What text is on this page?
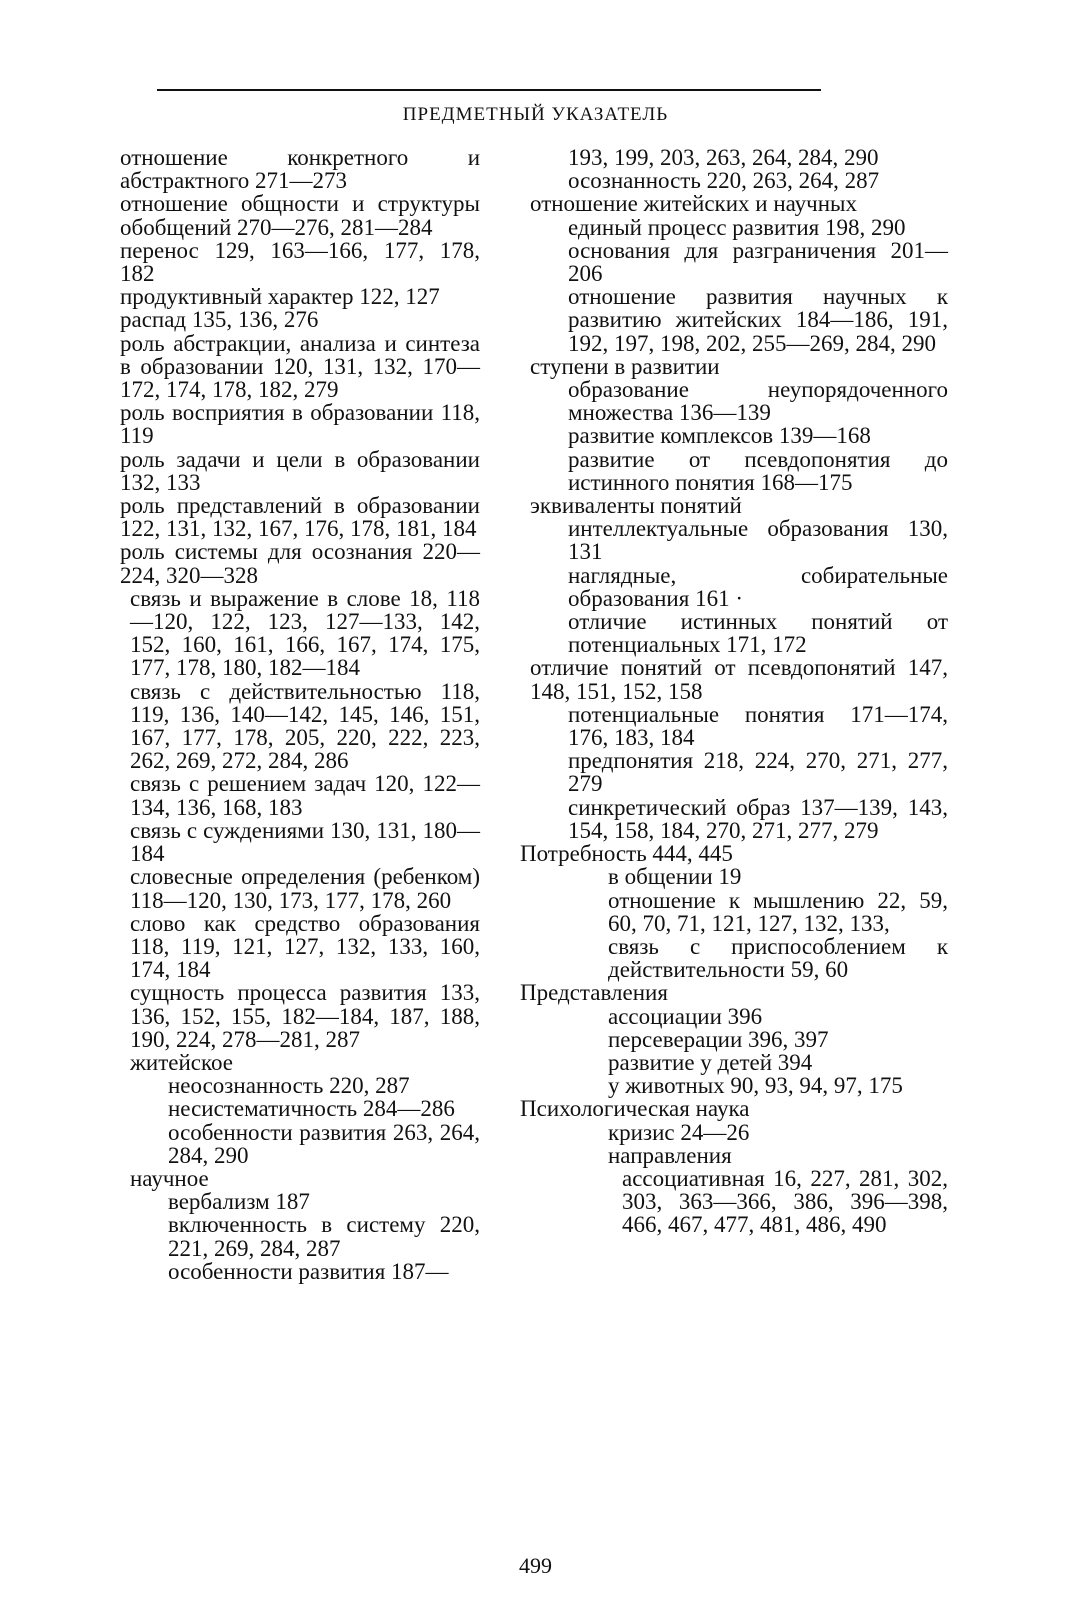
ПРЕДМЕТНЫЙ УКАЗАТЕЛЬ
отношение конкретного и абстрактного 271—273
отношение общности и структуры обобщений 270—276, 281—284
перенос 129, 163—166, 177, 178, 182
продуктивный характер 122, 127
распад 135, 136, 276
роль абстракции, анализа и синтеза в образовании 120, 131, 132, 170—172, 174, 178, 182, 279
роль восприятия в образовании 118, 119
роль задачи и цели в образовании 132, 133
роль представлений в образовании 122, 131, 132, 167, 176, 178, 181, 184
роль системы для осознания 220—224, 320—328
связь и выражение в слове 18, 118—120, 122, 123, 127—133, 142, 152, 160, 161, 166, 167, 174, 175, 177, 178, 180, 182—184
связь с действительностью 118, 119, 136, 140—142, 145, 146, 151, 167, 177, 178, 205, 220, 222, 223, 262, 269, 272, 284, 286
связь с решением задач 120, 122—134, 136, 168, 183
связь с суждениями 130, 131, 180—184
словесные определения (ребенком) 118—120, 130, 173, 177, 178, 260
слово как средство образования 118, 119, 121, 127, 132, 133, 160, 174, 184
сущность процесса развития 133, 136, 152, 155, 182—184, 187, 188, 190, 224, 278—281, 287
житейское
неосознанность 220, 287
несистематичность 284—286
особенности развития 263, 264, 284, 290
научное
вербализм 187
включенность в систему 220, 221, 269, 284, 287
особенности развития 187—
193, 199, 203, 263, 264, 284, 290
осознанность 220, 263, 264, 287
отношение житейских и научных
единый процесс развития 198, 290
основания для разграничения 201—206
отношение развития научных к развитию житейских 184—186, 191, 192, 197, 198, 202, 255—269, 284, 290
ступени в развитии
образование неупорядоченного множества 136—139
развитие комплексов 139—168
развитие от псевдопонятия до истинного понятия 168—175
эквиваленты понятий
интеллектуальные образования 130, 131
наглядные, собирательные образования 161 ·
отличие истинных понятий от потенциальных 171, 172
отличие понятий от псевдопонятий 147, 148, 151, 152, 158
потенциальные понятия 171—174, 176, 183, 184
предпонятия 218, 224, 270, 271, 277, 279
синкретический образ 137—139, 143, 154, 158, 184, 270, 271, 277, 279
Потребность 444, 445
в общении 19
отношение к мышлению 22, 59, 60, 70, 71, 121, 127, 132, 133,
связь с приспособлением к действительности 59, 60
Представления
ассоциации 396
персеверации 396, 397
развитие у детей 394
у животных 90, 93, 94, 97, 175
Психологическая наука
кризис 24—26
направления
ассоциативная 16, 227, 281, 302, 303, 363—366, 386, 396—398, 466, 467, 477, 481, 486, 490
499
